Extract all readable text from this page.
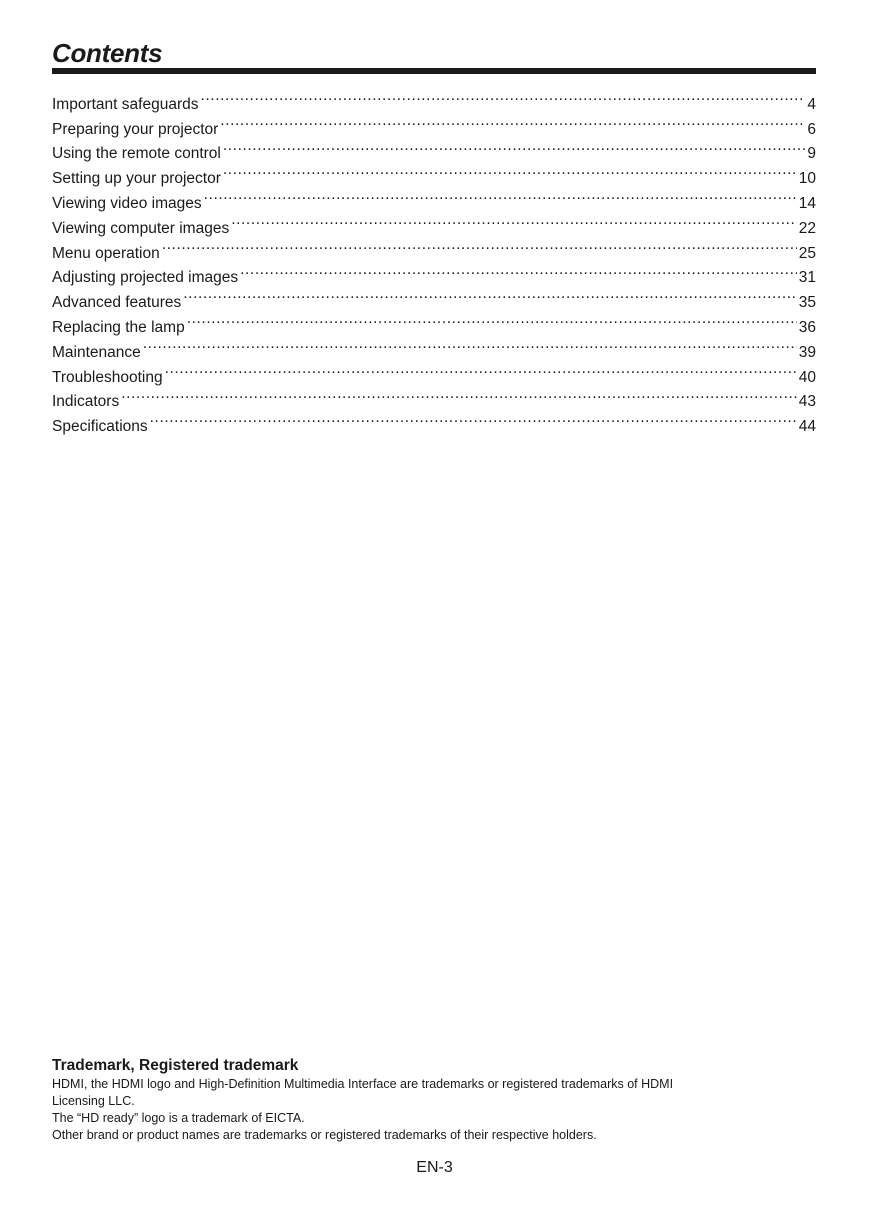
Contents
Important safeguards .....	4
Preparing your projector .....	6
Using the remote control .....	9
Setting up your projector .....	10
Viewing video images .....	14
Viewing computer images .....	22
Menu operation .....	25
Adjusting projected images .....	31
Advanced features .....	35
Replacing the lamp .....	36
Maintenance .....	39
Troubleshooting .....	40
Indicators .....	43
Specifications .....	44

Trademark, Registered trademark

HDMI, the HDMI logo and High-Definition Multimedia Interface are trademarks or registered trademarks of HDMI

Licensing LLC.

The “HD ready” logo is a trademark of EICTA.

Other brand or product names are trademarks or registered trademarks of their respective holders.

EN-3
